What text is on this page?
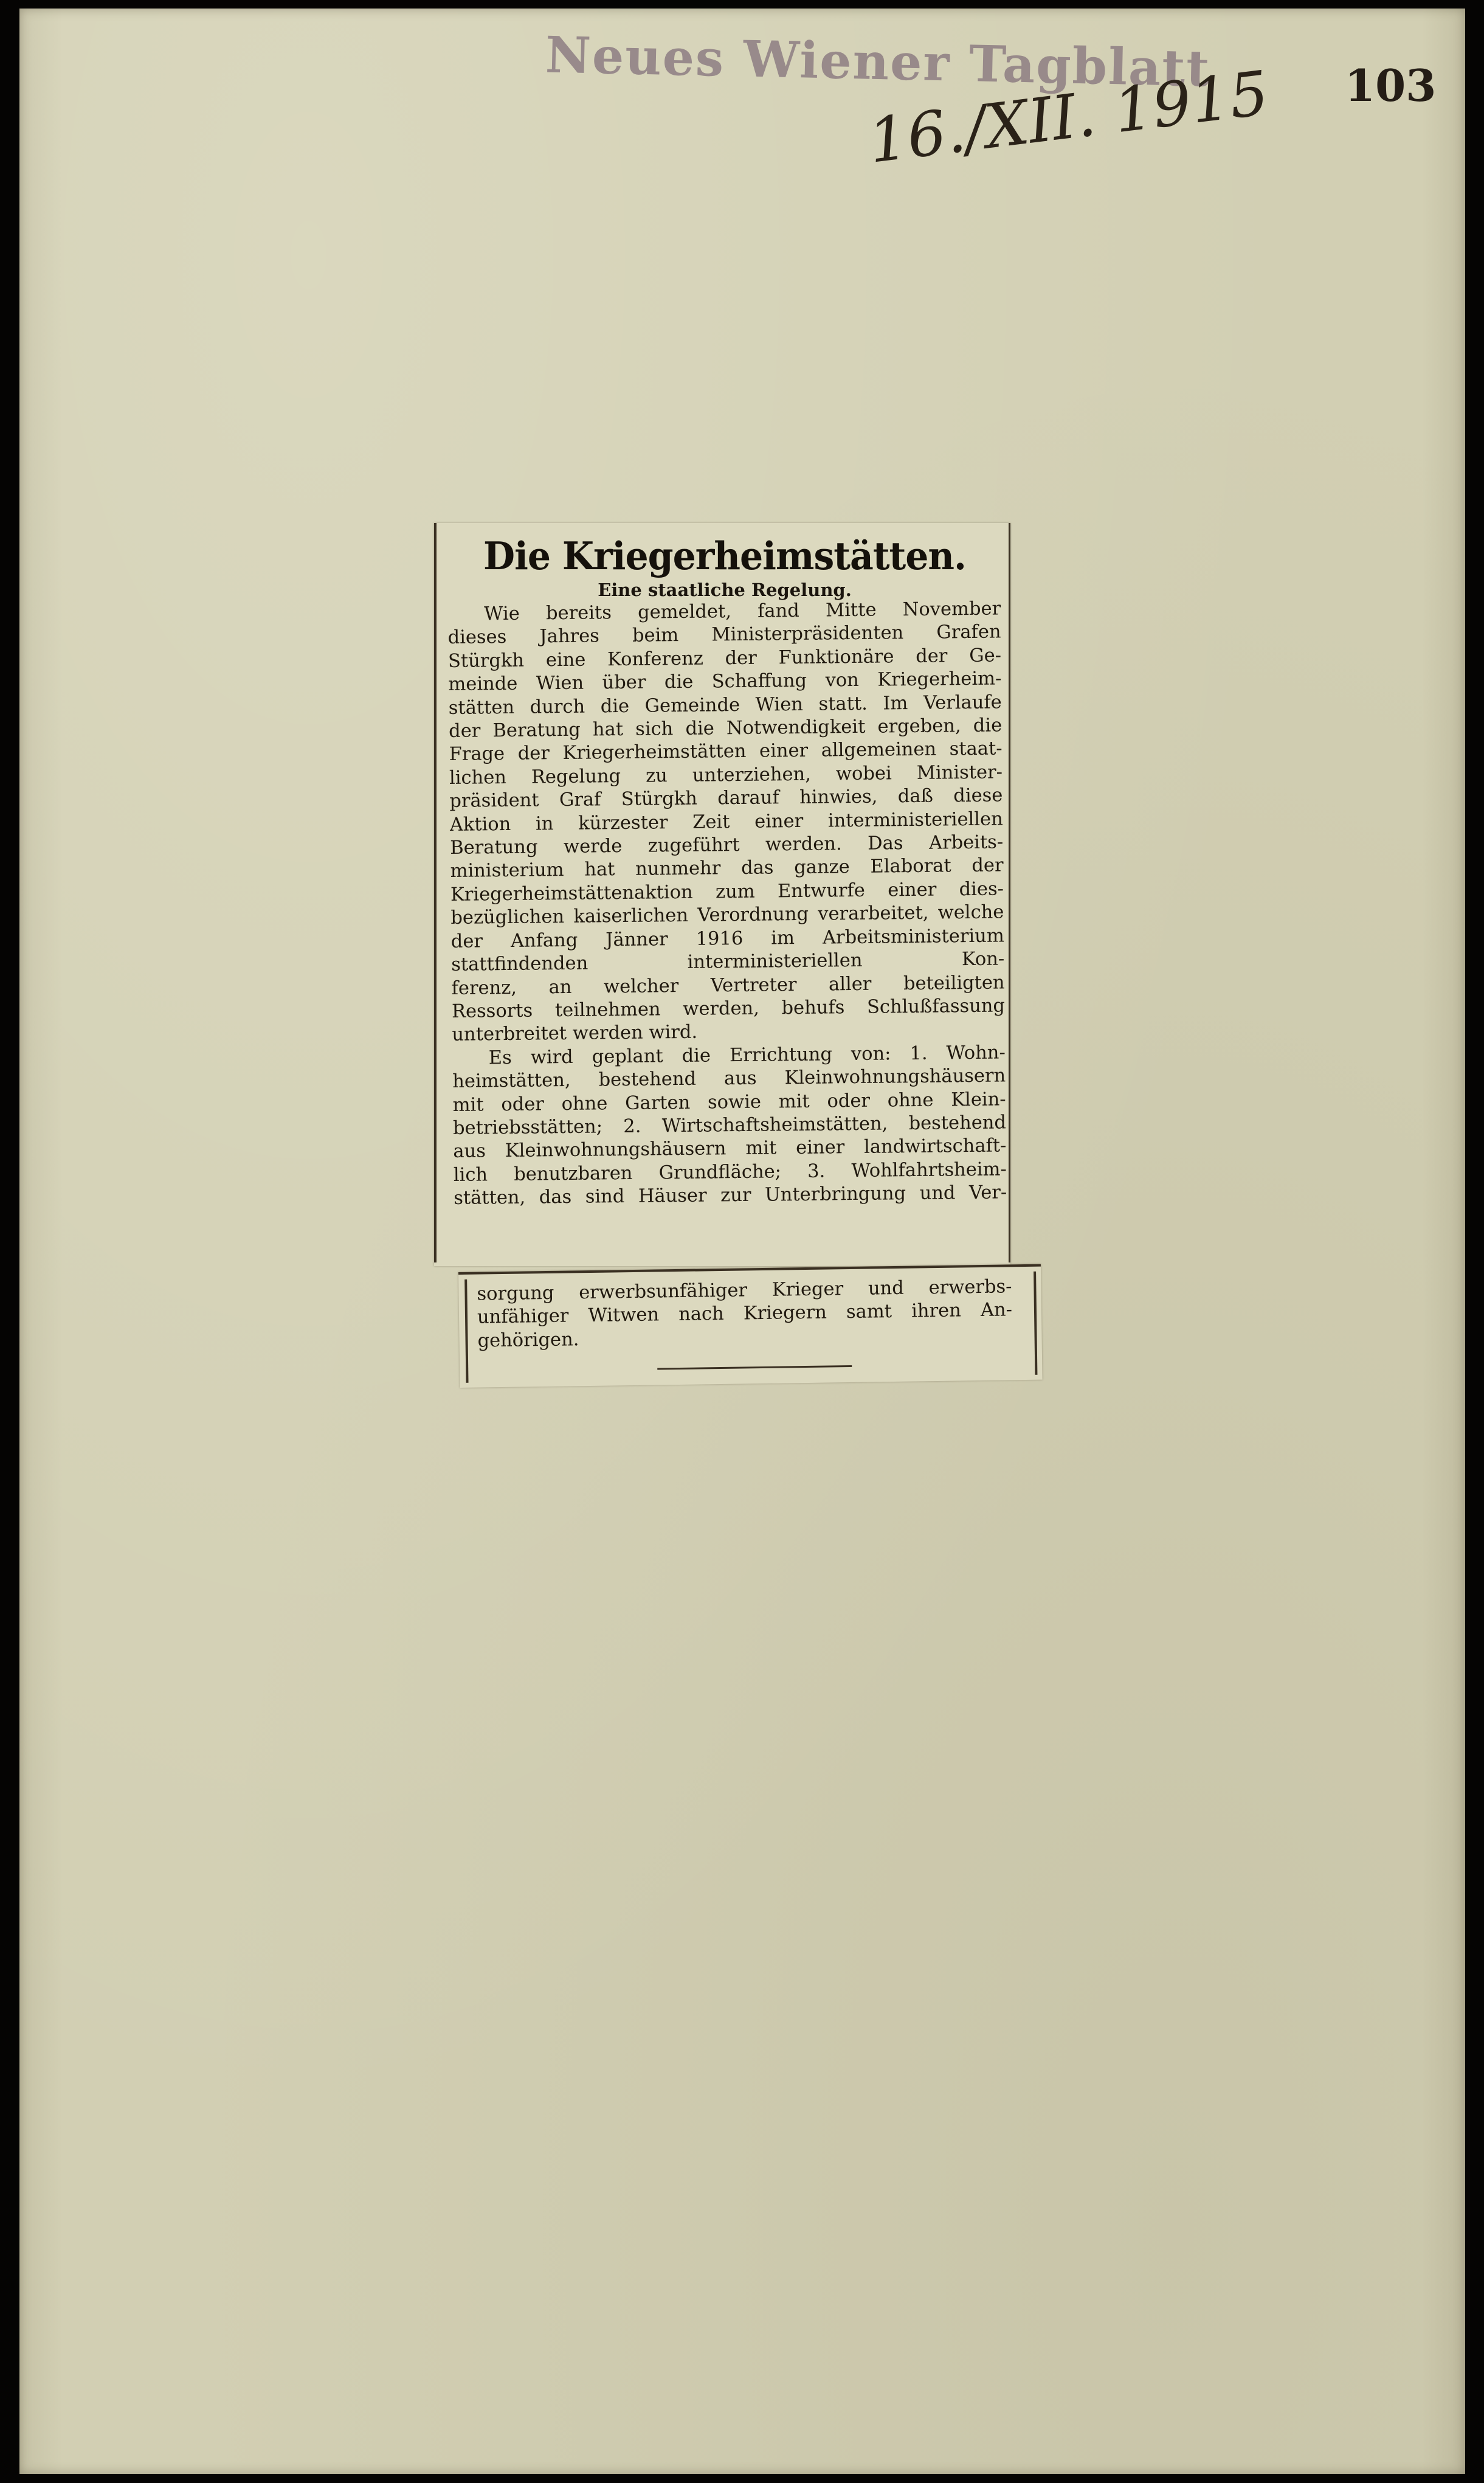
Neues Wiener Tagblatt
16./XII. 1915 103
Die Kriegerheimstätten.
Eine staatliche Regelung.
Wie bereits gemeldet, fand Mitte November
dieses Jahres beim Ministerpräsidenten Grafen
Stürgkh eine Konferenz der Funktionäre der Ge-
meinde Wien über die Schaffung von Kriegerheim-
stätten durch die Gemeinde Wien statt. Im Verlaufe
der Beratung hat sich die Notwendigkeit ergeben, die
Frage der Kriegerheimstätten einer allgemeinen staat-
lichen Regelung zu unterziehen, wobei Minister-
präsident Graf Stürgkh darauf hinwies, daß diese
Aktion in kürzester Zeit einer interministeriellen
Beratung werde zugeführt werden. Das Arbeits-
ministerium hat nunmehr das ganze Elaborat der
Kriegerheimstättenaktion zum Entwurfe einer dies-
bezüglichen kaiserlichen Verordnung verarbeitet, welche
der Anfang Jänner 1916 im Arbeitsministerium
stattfindenden interministeriellen Kon-
ferenz, an welcher Vertreter aller beteiligten
Ressorts teilnehmen werden, behufs Schlußfassung
unterbreitet werden wird.
Es wird geplant die Errichtung von: 1. Wohn-
heimstätten, bestehend aus Kleinwohnungshäusern
mit oder ohne Garten sowie mit oder ohne Klein-
betriebsstätten; 2. Wirtschaftsheimstätten, bestehend
aus Kleinwohnungshäusern mit einer landwirtschaft-
lich benutzbaren Grundfläche; 3. Wohlfahrtsheim-
stätten, das sind Häuser zur Unterbringung und Ver-
sorgung erwerbsunfähiger Krieger und erwerbs-
unfähiger Witwen nach Kriegern samt ihren An-
gehörigen.
